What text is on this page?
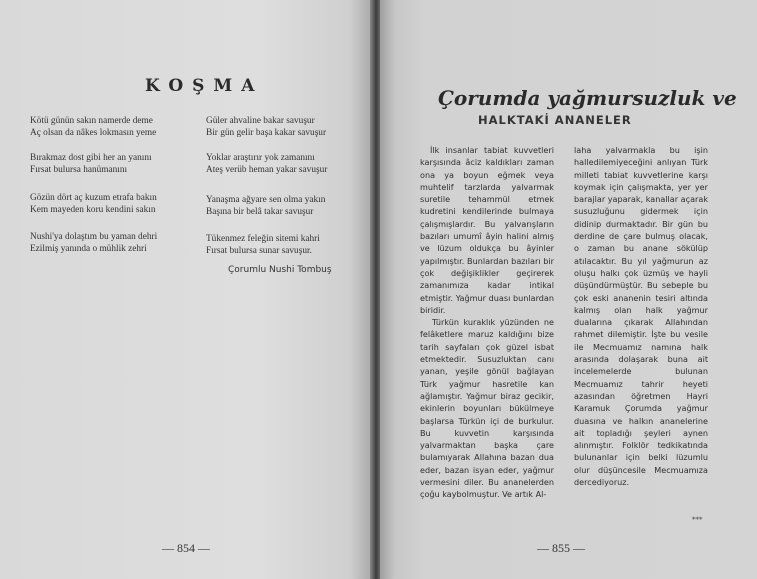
KOŞMA
Kötü günün sakın namerde deme
Aç olsan da nâkes lokmasın yeme
Bırakmaz dost gibi her an yanını
Fırsat bulursa hanümanını
Gözün dört aç kuzum etrafa bakın
Kem mayeden koru kendini sakın
Nushi'ya dolaştım bu yaman dehri
Ezilmiş yanında o mühlik zehri
Güler ahvaline bakar savuşur
Bir gün gelir başa kakar savuşur
Yoklar araştırır yok zamanını
Ateş verüb heman yakar savuşur
Yanaşma ağyare sen olma yakın
Başına bir belâ takar savuşur
Tükenmez feleğin sitemi kahri
Fırsat bulursa sunar savuşur.

Çorumlu Nushi Tombuş

— 854 —

Çorumda yağmursuzluk ve
HALKTAKİ ANANELER

İlk insanlar tabiat kuvvetleri karşısında âciz kaldıkları zaman ona ya boyun eğmek veya muhtelif tarzlarda yalvarmak suretile tehammül etmek kudretini kendilerinde bulmaya çalışmışlardır. Bu yalvarışların bazıları umumî âyin halini almış ve lüzum oldukça bu âyinler yapılmıştır. Bunlardan bazıları bir çok değişiklikler geçirerek zamanımıza kadar intikal etmiştir. Yağmur duası bunlardan biridir.

Türkün kuraklık yüzünden ne felâketlere maruz kaldığını bize tarih sayfaları çok güzel isbat etmektedir. Susuzluktan canı yanan, yeşile gönül bağlayan Türk yağmur hasretile kan ağlamıştır. Yağmur biraz gecikir, ekinlerin boyunları bükülmeye başlarsa Türkün içi de burkulur. Bu kuvvetin karşısında yalvarmaktan başka çare bulamıyarak Allahına bazan dua eder, bazan isyan eder, yağmur vermesini diler. Bu ananelerden çoğu kaybolmuştur. Ve artık Al-

laha yalvarmakla bu işin halledilemiyeceğini anlıyan Türk milleti tabiat kuvvetlerine karşı koymak için çalışmakta, yer yer barajlar yaparak, kanallar açarak susuzluğunu gidermek için didinip durmaktadır. Bir gün bu derdine de çare bulmuş olacak, o zaman bu anane sökülüp atılacaktır. Bu yıl yağmurun az oluşu halkı çok üzmüş ve hayli düşündürmüştür. Bu sebeple bu çok eski ananenin tesiri altında kalmış olan halk yağmur dualarına çıkarak Allahından rahmet dilemiştir. İşte bu vesile ile Mecmuamız namına halk arasında dolaşarak buna ait incelemelerde bulunan Mecmuamız tahrir heyeti azasından öğretmen Hayri Karamuk Çorumda yağmur duasına ve halkın ananelerine ait topladığı şeyleri aynen alınmıştır. Folklör tedkikatında bulunanlar için belki lüzumlu olur düşüncesile Mecmuamıza dercediyoruz.

***

— 855 —
